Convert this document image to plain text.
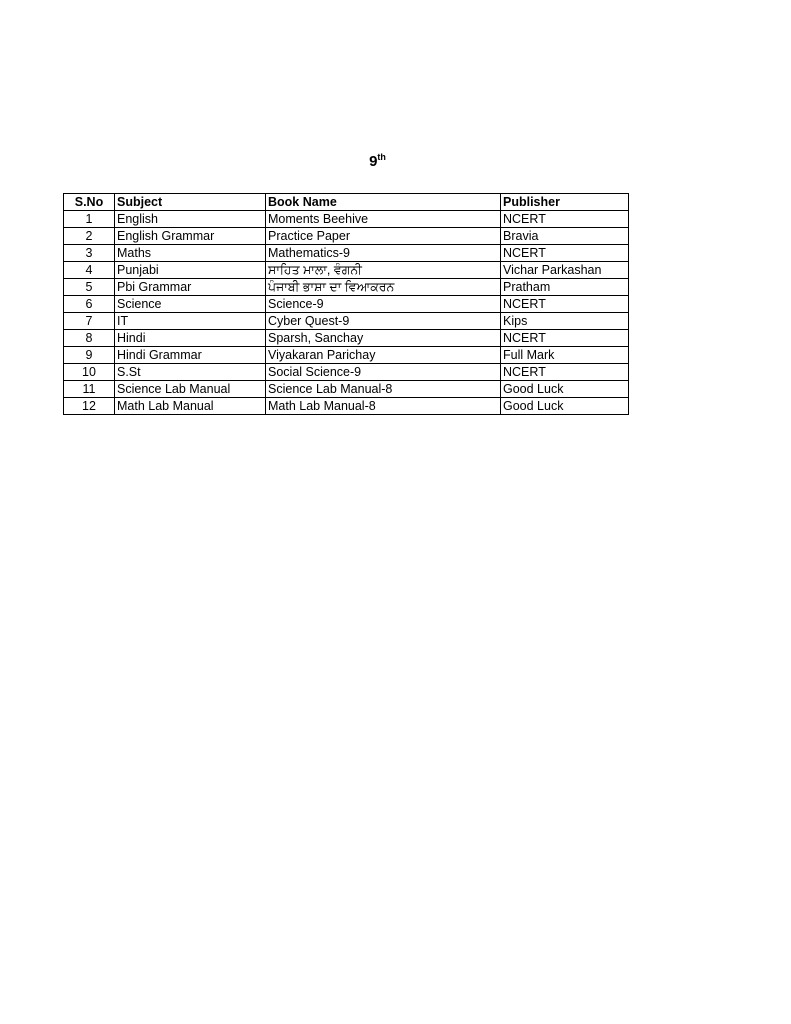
9th
S.No	Subject	Book Name	Publisher
1	English	Moments Beehive	NCERT
2	English Grammar	Practice Paper	Bravia
3	Maths	Mathematics-9	NCERT
4	Punjabi	ਸਾਹਿਤ ਮਾਲਾ, ਵੰਗਨੀ	Vichar Parkashan
5	Pbi Grammar	ਪੰਜਾਬੀ ਭਾਸ਼ਾ ਦਾ ਵਿਆਕਰਨ	Pratham
6	Science	Science-9	NCERT
7	IT	Cyber Quest-9	Kips
8	Hindi	Sparsh, Sanchay	NCERT
9	Hindi Grammar	Viyakaran Parichay	Full Mark
10	S.St	Social Science-9	NCERT
11	Science Lab Manual	Science Lab Manual-8	Good Luck
12	Math Lab Manual	Math Lab Manual-8	Good Luck
